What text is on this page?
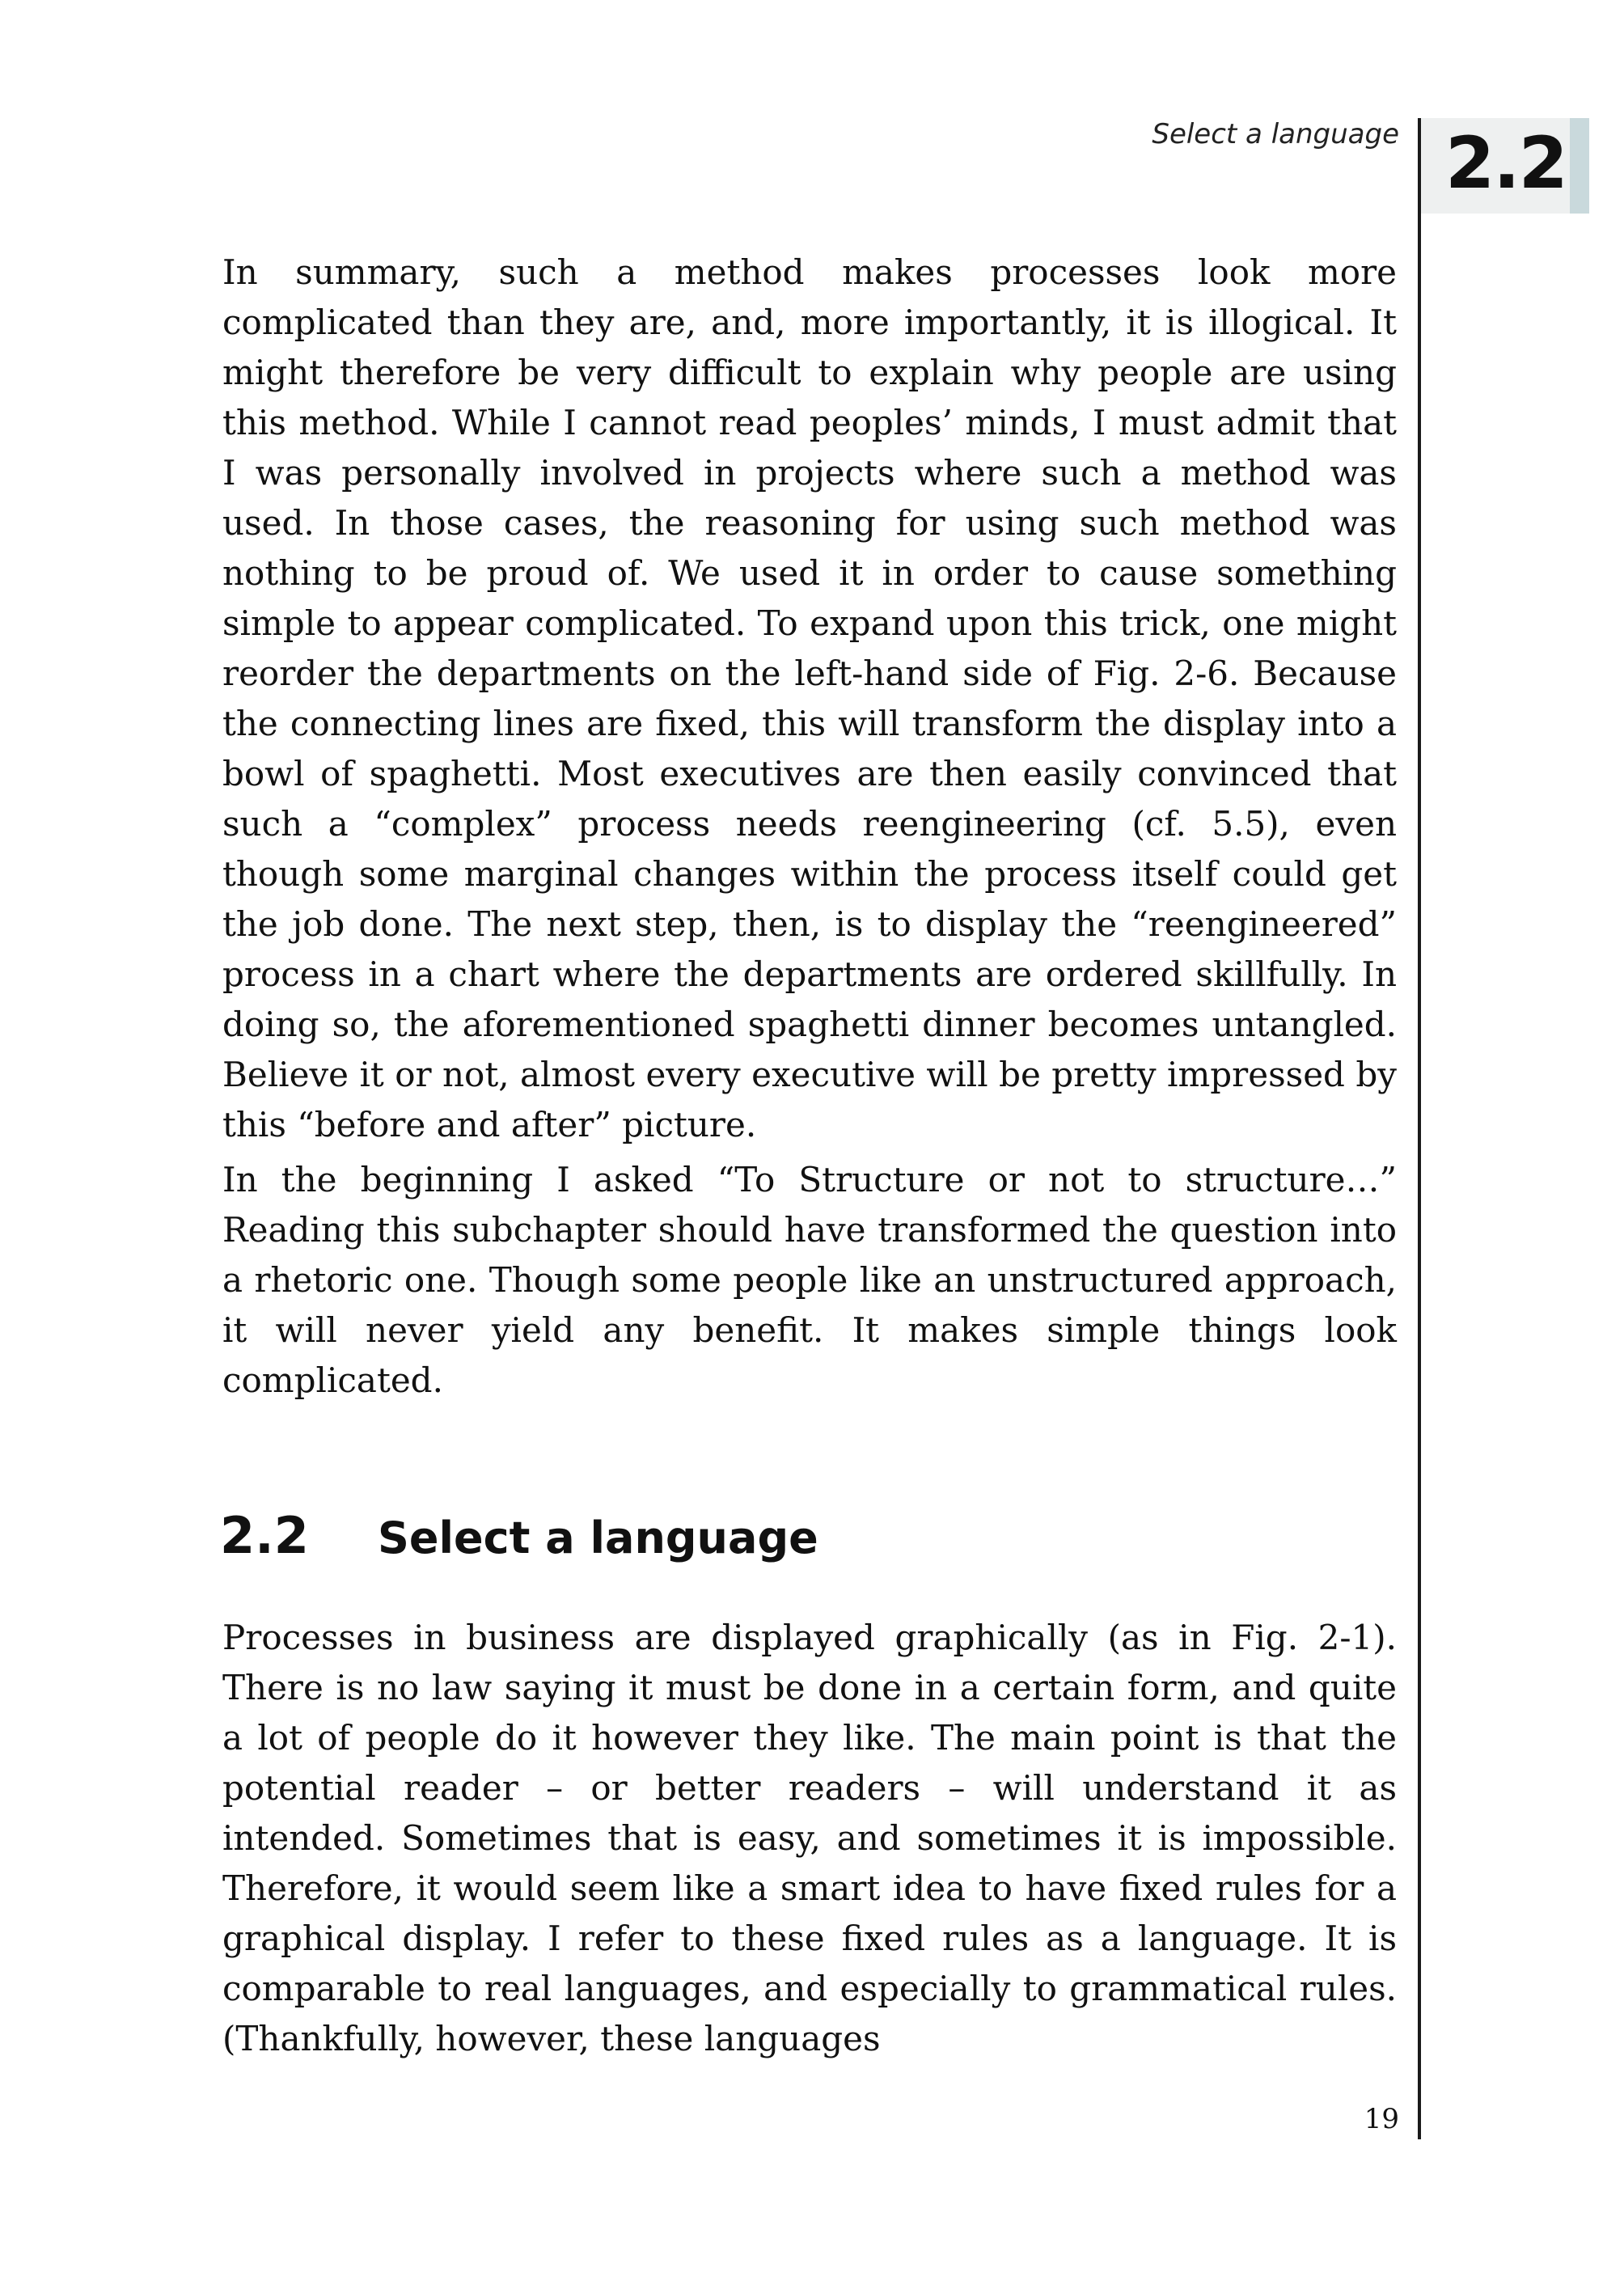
Select a language 2.2

In summary, such a method makes processes look more complicated than they are, and, more importantly, it is illogical. It might therefore be very difficult to explain why people are using this method. While I cannot read peoples’ minds, I must admit that I was personally involved in projects where such a method was used. In those cases, the reasoning for using such method was nothing to be proud of. We used it in order to cause something simple to appear complicated. To expand upon this trick, one might reorder the departments on the left-hand side of Fig. 2-6. Because the connecting lines are fixed, this will transform the display into a bowl of spaghetti. Most executives are then easily convinced that such a “complex” process needs reengineering (cf. 5.5), even though some marginal changes within the process itself could get the job done. The next step, then, is to display the “reengineered” process in a chart where the departments are ordered skillfully. In doing so, the aforementioned spaghetti dinner becomes untangled. Believe it or not, almost every executive will be pretty impressed by this “before and after” picture.

In the beginning I asked “To Structure or not to structure…” Reading this subchapter should have transformed the question into a rhetoric one. Though some people like an unstructured approach, it will never yield any benefit. It makes simple things look complicated.

2.2 Select a language

Processes in business are displayed graphically (as in Fig. 2-1). There is no law saying it must be done in a certain form, and quite a lot of people do it however they like. The main point is that the potential reader – or better readers – will understand it as intended. Sometimes that is easy, and sometimes it is impossible. Therefore, it would seem like a smart idea to have fixed rules for a graphical display. I refer to these fixed rules as a language. It is comparable to real languages, and especially to grammatical rules. (Thankfully, however, these languages

19
